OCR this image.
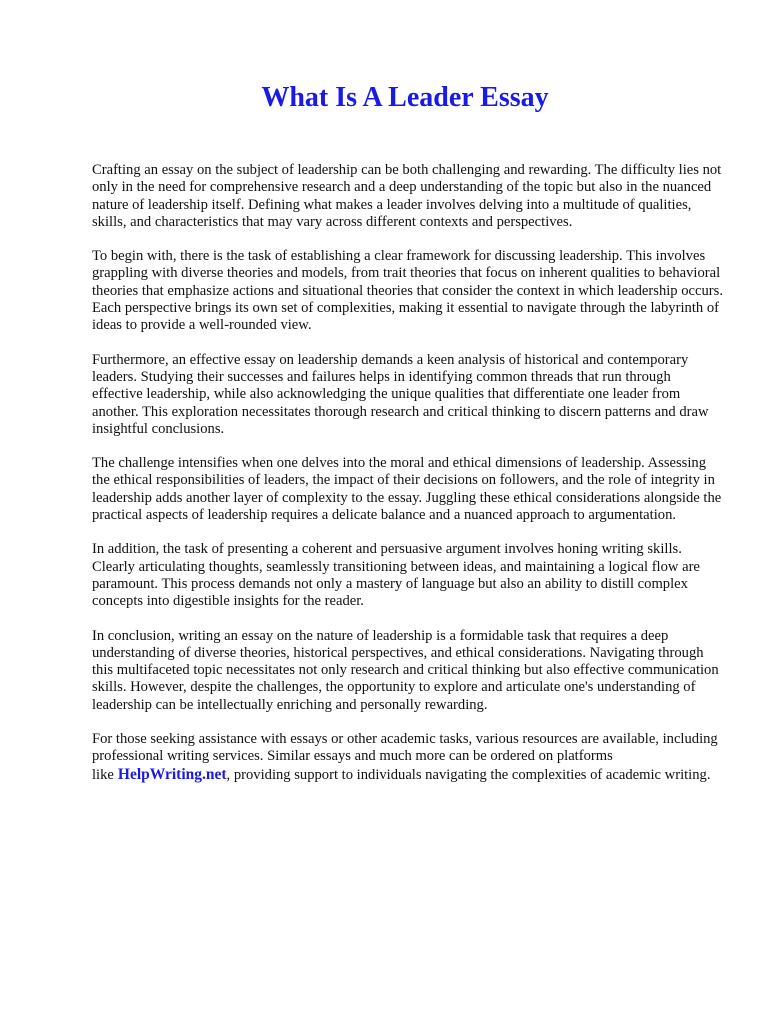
What Is A Leader Essay

Crafting an essay on the subject of leadership can be both challenging and rewarding. The difficulty lies not only in the need for comprehensive research and a deep understanding of the topic but also in the nuanced nature of leadership itself. Defining what makes a leader involves delving into a multitude of qualities, skills, and characteristics that may vary across different contexts and perspectives.

To begin with, there is the task of establishing a clear framework for discussing leadership. This involves grappling with diverse theories and models, from trait theories that focus on inherent qualities to behavioral theories that emphasize actions and situational theories that consider the context in which leadership occurs. Each perspective brings its own set of complexities, making it essential to navigate through the labyrinth of ideas to provide a well-rounded view.

Furthermore, an effective essay on leadership demands a keen analysis of historical and contemporary leaders. Studying their successes and failures helps in identifying common threads that run through effective leadership, while also acknowledging the unique qualities that differentiate one leader from another. This exploration necessitates thorough research and critical thinking to discern patterns and draw insightful conclusions.

The challenge intensifies when one delves into the moral and ethical dimensions of leadership. Assessing the ethical responsibilities of leaders, the impact of their decisions on followers, and the role of integrity in leadership adds another layer of complexity to the essay. Juggling these ethical considerations alongside the practical aspects of leadership requires a delicate balance and a nuanced approach to argumentation.

In addition, the task of presenting a coherent and persuasive argument involves honing writing skills. Clearly articulating thoughts, seamlessly transitioning between ideas, and maintaining a logical flow are paramount. This process demands not only a mastery of language but also an ability to distill complex concepts into digestible insights for the reader.

In conclusion, writing an essay on the nature of leadership is a formidable task that requires a deep understanding of diverse theories, historical perspectives, and ethical considerations. Navigating through this multifaceted topic necessitates not only research and critical thinking but also effective communication skills. However, despite the challenges, the opportunity to explore and articulate one's understanding of leadership can be intellectually enriching and personally rewarding.

For those seeking assistance with essays or other academic tasks, various resources are available, including professional writing services. Similar essays and much more can be ordered on platforms like HelpWriting.net, providing support to individuals navigating the complexities of academic writing.
